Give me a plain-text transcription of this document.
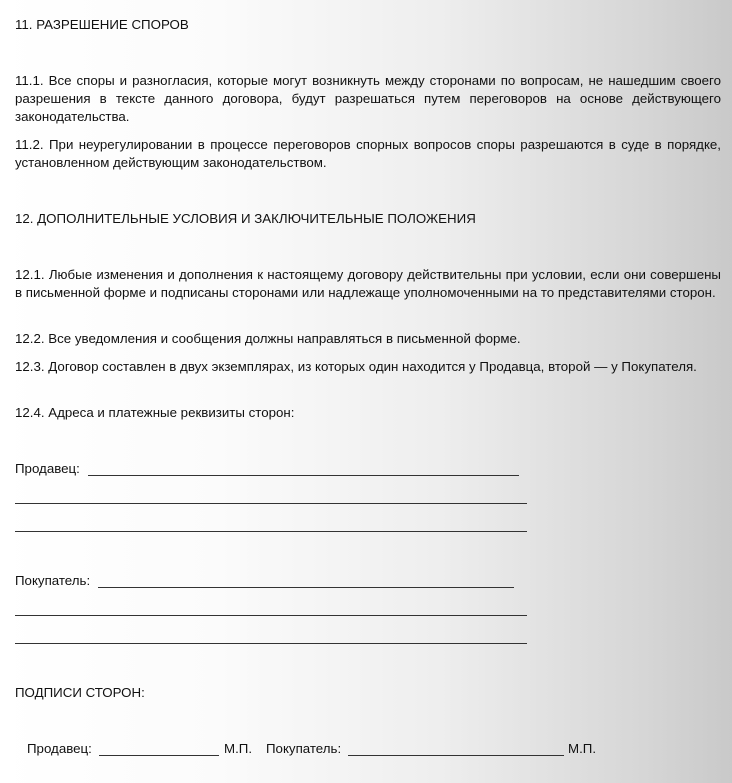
11. РАЗРЕШЕНИЕ СПОРОВ

11.1. Все споры и разногласия, которые могут возникнуть между сторонами по вопросам, не нашедшим своего разрешения в тексте данного договора, будут разрешаться путем переговоров на основе действующего законодательства.

11.2. При неурегулировании в процессе переговоров спорных вопросов споры разрешаются в суде в порядке, установленном действующим законодательством.

12. ДОПОЛНИТЕЛЬНЫЕ УСЛОВИЯ И ЗАКЛЮЧИТЕЛЬНЫЕ ПОЛОЖЕНИЯ

12.1. Любые изменения и дополнения к настоящему договору действительны при условии, если они совершены в письменной форме и подписаны сторонами или надлежаще уполномоченными на то представителями сторон.

12.2. Все уведомления и сообщения должны направляться в письменной форме.

12.3. Договор составлен в двух экземплярах, из которых один находится у Продавца, второй — у Покупателя.

12.4. Адреса и платежные реквизиты сторон:

Продавец:
Покупатель:

ПОДПИСИ СТОРОН:

Продавец:	М.П. Покупатель:	М.П.
